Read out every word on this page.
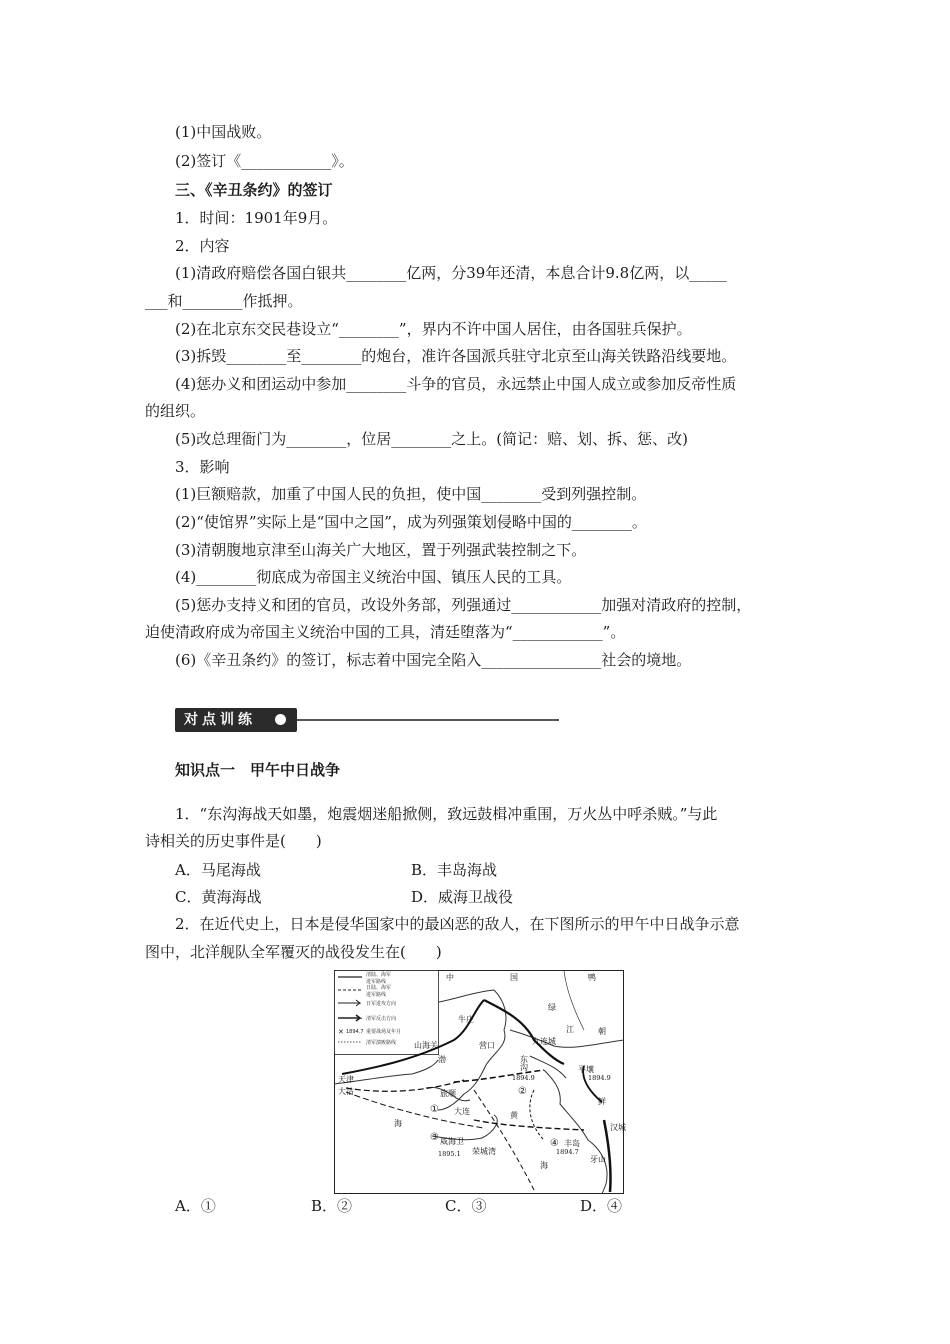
(1)中国战败。
(2)签订《____________》。
三、《辛丑条约》的签订
1．时间：1901年9月。
2．内容
(1)清政府赔偿各国白银共________亿两，分39年还清，本息合计9.8亿两，以_____
___和________作抵押。
(2)在北京东交民巷设立“________”，界内不许中国人居住，由各国驻兵保护。
(3)拆毁________至________的炮台，准许各国派兵驻守北京至山海关铁路沿线要地。
(4)惩办义和团运动中参加________斗争的官员，永远禁止中国人成立或参加反帝性质
的组织。
(5)改总理衙门为________，位居________之上。(简记：赔、划、拆、惩、改)
3．影响
(1)巨额赔款，加重了中国人民的负担，使中国________受到列强控制。
(2)“使馆界”实际上是“国中之国”，成为列强策划侵略中国的________。
(3)清朝腹地京津至山海关广大地区，置于列强武装控制之下。
(4)________彻底成为帝国主义统治中国、镇压人民的工具。
(5)惩办支持义和团的官员，改设外务部，列强通过____________加强对清政府的控制，
迫使清政府成为帝国主义统治中国的工具，清廷堕落为“____________”。
(6)《辛丑条约》的签订，标志着中国完全陷入________________社会的境地。
对点训练
知识点一　甲午中日战争
1．“东沟海战天如墨，炮震烟迷船掀侧，致远鼓楫冲重围，万火丛中呼杀贼。”与此
诗相关的历史事件是(　　)
A．马尾海战	B．丰岛海战
C．黄海海战	D．威海卫战役
2．在近代史上，日本是侵华国家中的最凶恶的敌人，在下图所示的甲午中日战争示意
图中，北洋舰队全军覆灭的战役发生在(　　)
清陆、海军
进军路线
日陆、海军
进军路线
日军进攻方向
清军反击方向
✕ 1894.7 重要战场及年月
清军溃败路线
中	国	鸭
绿
江	朝
鲜
牛庄
山海关	九连城
营口
渤	东
沟
1894.9
平壤
1894.9
天津
大沽	旅顺
大连	黄
海
海
威海卫
1895.1 荣城湾
丰岛
1894.7
牙山
汉城
①
②
③
④
A．①	B．②	C．③	D．④
